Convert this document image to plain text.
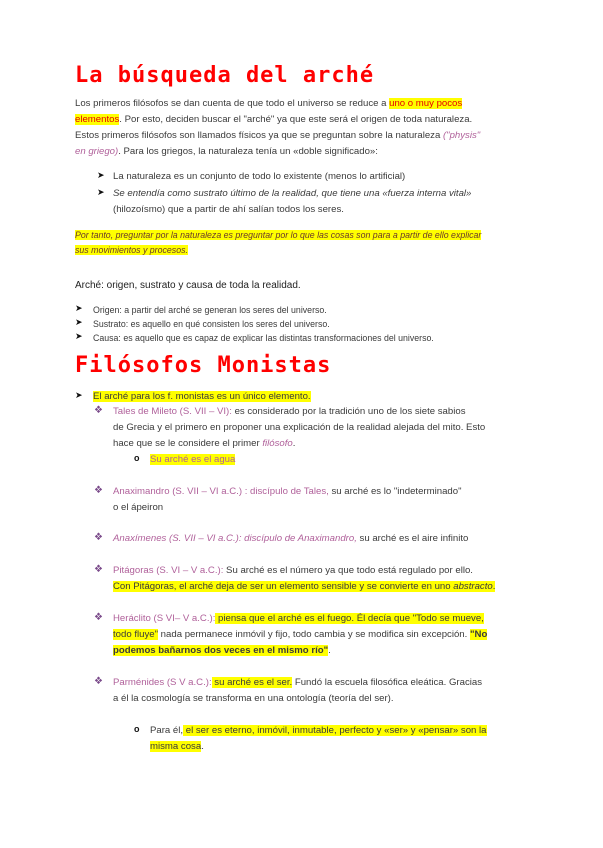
La búsqueda del arché

Los primeros filósofos se dan cuenta de que todo el universo se reduce a uno o muy pocos

elementos. Por esto, deciden buscar el "arché" ya que este será el origen de toda naturaleza.

Estos primeros filósofos son llamados físicos ya que se preguntan sobre la naturaleza ("physis"

en griego). Para los griegos, la naturaleza tenía un «doble significado»:

➤ La naturaleza es un conjunto de todo lo existente (menos lo artificial)

➤ Se entendía como sustrato último de la realidad, que tiene una «fuerza interna vital»

(hilozoísmo) que a partir de ahí salían todos los seres.

Por tanto, preguntar por la naturaleza es preguntar por lo que las cosas son para a partir de ello explicar

sus movimientos y procesos.

Arché: origen, sustrato y causa de toda la realidad.

➤ Origen: a partir del arché se generan los seres del universo.

➤ Sustrato: es aquello en qué consisten los seres del universo.

➤ Causa: es aquello que es capaz de explicar las distintas transformaciones del universo.

Filósofos Monistas
➤ El arché para los f. monistas es un único elemento.

❖ Tales de Mileto (S. VII – VI): es considerado por la tradición uno de los siete sabios

de Grecia y el primero en proponer una explicación de la realidad alejada del mito. Esto

hace que se le considere el primer filósofo.

o Su arché es el agua

❖ Anaximandro (S. VII – VI a.C.) : discípulo de Tales, su arché es lo "indeterminado"

o el ápeiron

❖ Anaxímenes (S. VII – VI a.C.): discípulo de Anaximandro, su arché es el aire infinito

❖ Pitágoras (S. VI – V a.C.): Su arché es el número ya que todo está regulado por ello.

Con Pitágoras, el arché deja de ser un elemento sensible y se convierte en uno abstracto.

❖ Heráclito (S VI– V a.C.): piensa que el arché es el fuego. Él decía que "Todo se mueve,

todo fluye" nada permanece inmóvil y fijo, todo cambia y se modifica sin excepción. "No

podemos bañarnos dos veces en el mismo río".

❖ Parménides (S V a.C.): su arché es el ser. Fundó la escuela filosófica eleática. Gracias

a él la cosmología se transforma en una ontología (teoría del ser).

o Para él, el ser es eterno, inmóvil, inmutable, perfecto y «ser» y «pensar» son la

misma cosa.
